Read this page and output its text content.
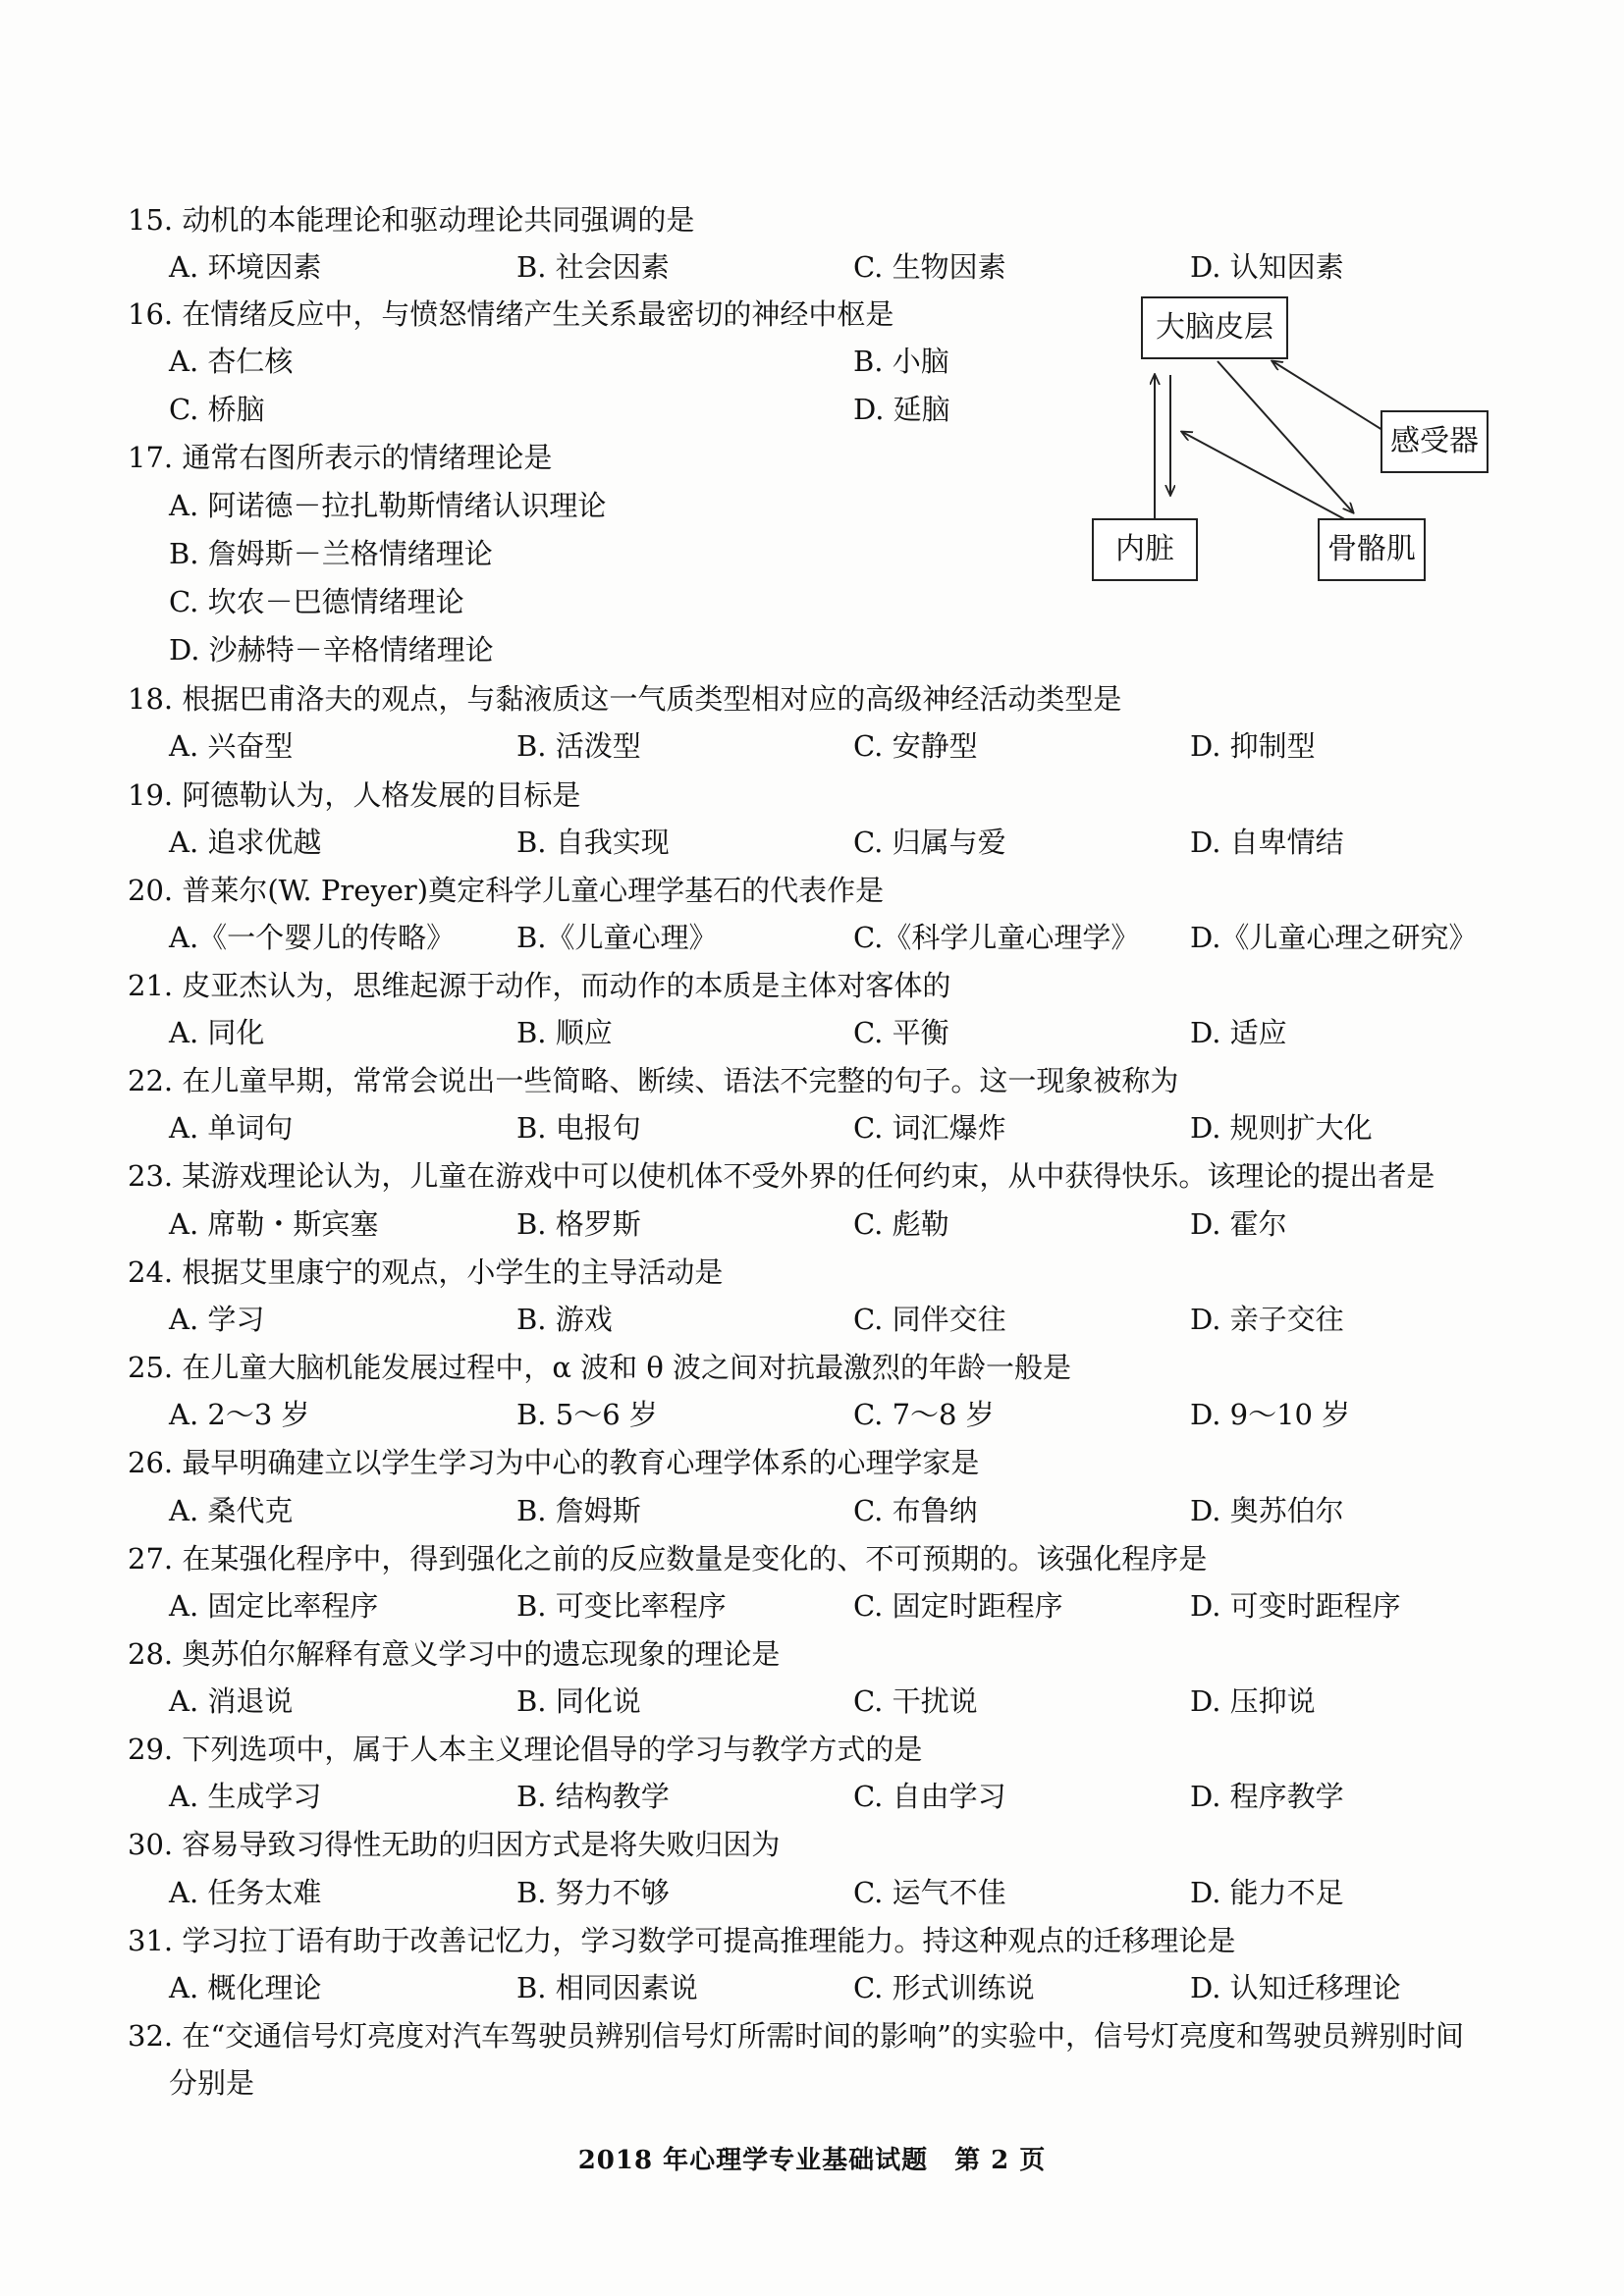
15. 动机的本能理论和驱动理论共同强调的是
A. 环境因素	B. 社会因素	C. 生物因素	D. 认知因素
16. 在情绪反应中，与愤怒情绪产生关系最密切的神经中枢是
A. 杏仁核	B. 小脑
C. 桥脑	D. 延脑
17. 通常右图所表示的情绪理论是
A. 阿诺德－拉扎勒斯情绪认识理论
B. 詹姆斯－兰格情绪理论
C. 坎农－巴德情绪理论
D. 沙赫特－辛格情绪理论
大脑皮层
感受器
内脏	骨骼肌
18. 根据巴甫洛夫的观点，与黏液质这一气质类型相对应的高级神经活动类型是
A. 兴奋型	B. 活泼型	C. 安静型	D. 抑制型
19. 阿德勒认为，人格发展的目标是
A. 追求优越	B. 自我实现	C. 归属与爱	D. 自卑情结
20. 普莱尔(W. Preyer)奠定科学儿童心理学基石的代表作是
A.《一个婴儿的传略》 B.《儿童心理》	C.《科学儿童心理学》 D.《儿童心理之研究》
21. 皮亚杰认为，思维起源于动作，而动作的本质是主体对客体的
A. 同化	B. 顺应	C. 平衡	D. 适应
22. 在儿童早期，常常会说出一些简略、断续、语法不完整的句子。这一现象被称为
A. 单词句	B. 电报句	C. 词汇爆炸	D. 规则扩大化
23. 某游戏理论认为，儿童在游戏中可以使机体不受外界的任何约束，从中获得快乐。该理论的提出者是
A. 席勒・斯宾塞	B. 格罗斯	C. 彪勒	D. 霍尔
24. 根据艾里康宁的观点，小学生的主导活动是
A. 学习	B. 游戏	C. 同伴交往	D. 亲子交往
25. 在儿童大脑机能发展过程中，α 波和 θ 波之间对抗最激烈的年龄一般是
A. 2～3 岁	B. 5～6 岁	C. 7～8 岁	D. 9～10 岁
26. 最早明确建立以学生学习为中心的教育心理学体系的心理学家是
A. 桑代克	B. 詹姆斯	C. 布鲁纳	D. 奥苏伯尔
27. 在某强化程序中，得到强化之前的反应数量是变化的、不可预期的。该强化程序是
A. 固定比率程序	B. 可变比率程序	C. 固定时距程序	D. 可变时距程序
28. 奥苏伯尔解释有意义学习中的遗忘现象的理论是
A. 消退说	B. 同化说	C. 干扰说	D. 压抑说
29. 下列选项中，属于人本主义理论倡导的学习与教学方式的是
A. 生成学习	B. 结构教学	C. 自由学习	D. 程序教学
30. 容易导致习得性无助的归因方式是将失败归因为
A. 任务太难	B. 努力不够	C. 运气不佳	D. 能力不足
31. 学习拉丁语有助于改善记忆力，学习数学可提高推理能力。持这种观点的迁移理论是
A. 概化理论	B. 相同因素说	C. 形式训练说	D. 认知迁移理论
32. 在“交通信号灯亮度对汽车驾驶员辨别信号灯所需时间的影响”的实验中，信号灯亮度和驾驶员辨别时间
分别是
2018 年心理学专业基础试题　第 2 页
